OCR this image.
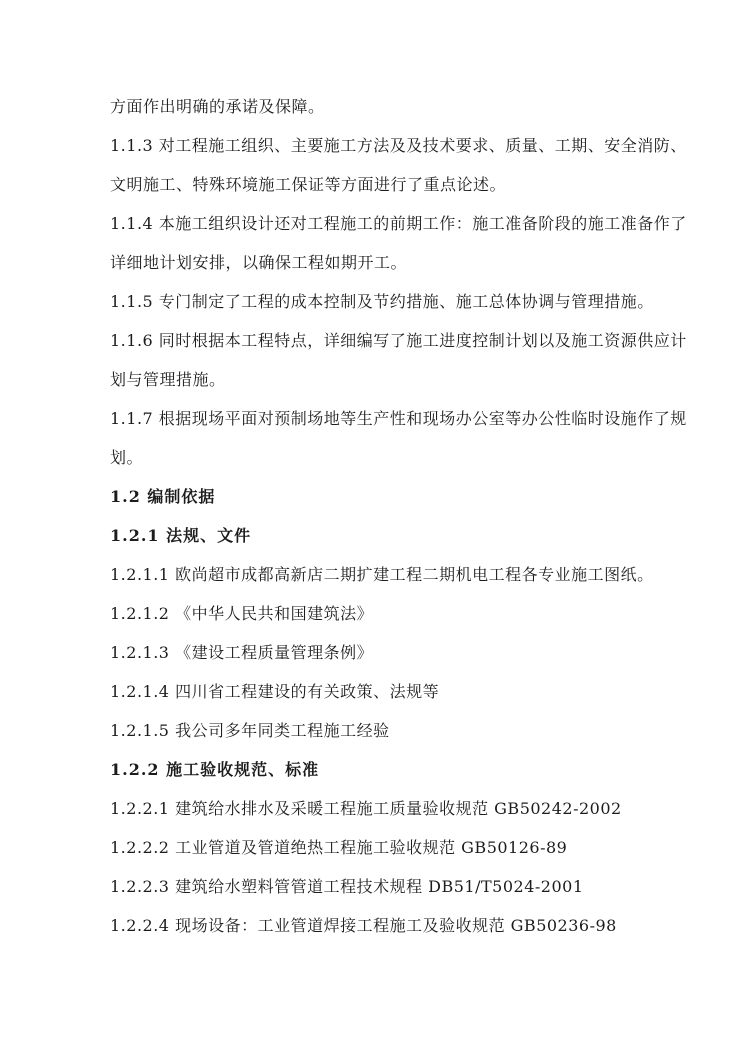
方面作出明确的承诺及保障。
1.1.3 对工程施工组织、主要施工方法及及技术要求、质量、工期、安全消防、
文明施工、特殊环境施工保证等方面进行了重点论述。
1.1.4 本施工组织设计还对工程施工的前期工作：施工准备阶段的施工准备作了
详细地计划安排，以确保工程如期开工。
1.1.5 专门制定了工程的成本控制及节约措施、施工总体协调与管理措施。
1.1.6 同时根据本工程特点，详细编写了施工进度控制计划以及施工资源供应计
划与管理措施。
1.1.7 根据现场平面对预制场地等生产性和现场办公室等办公性临时设施作了规
划。
1.2 编制依据
1.2.1 法规、文件
1.2.1.1 欧尚超市成都高新店二期扩建工程二期机电工程各专业施工图纸。
1.2.1.2 《中华人民共和国建筑法》
1.2.1.3 《建设工程质量管理条例》
1.2.1.4 四川省工程建设的有关政策、法规等
1.2.1.5 我公司多年同类工程施工经验
1.2.2 施工验收规范、标准
1.2.2.1 建筑给水排水及采暖工程施工质量验收规范 GB50242-2002
1.2.2.2 工业管道及管道绝热工程施工验收规范 GB50126-89
1.2.2.3 建筑给水塑料管管道工程技术规程 DB51/T5024-2001
1.2.2.4 现场设备：工业管道焊接工程施工及验收规范 GB50236-98
